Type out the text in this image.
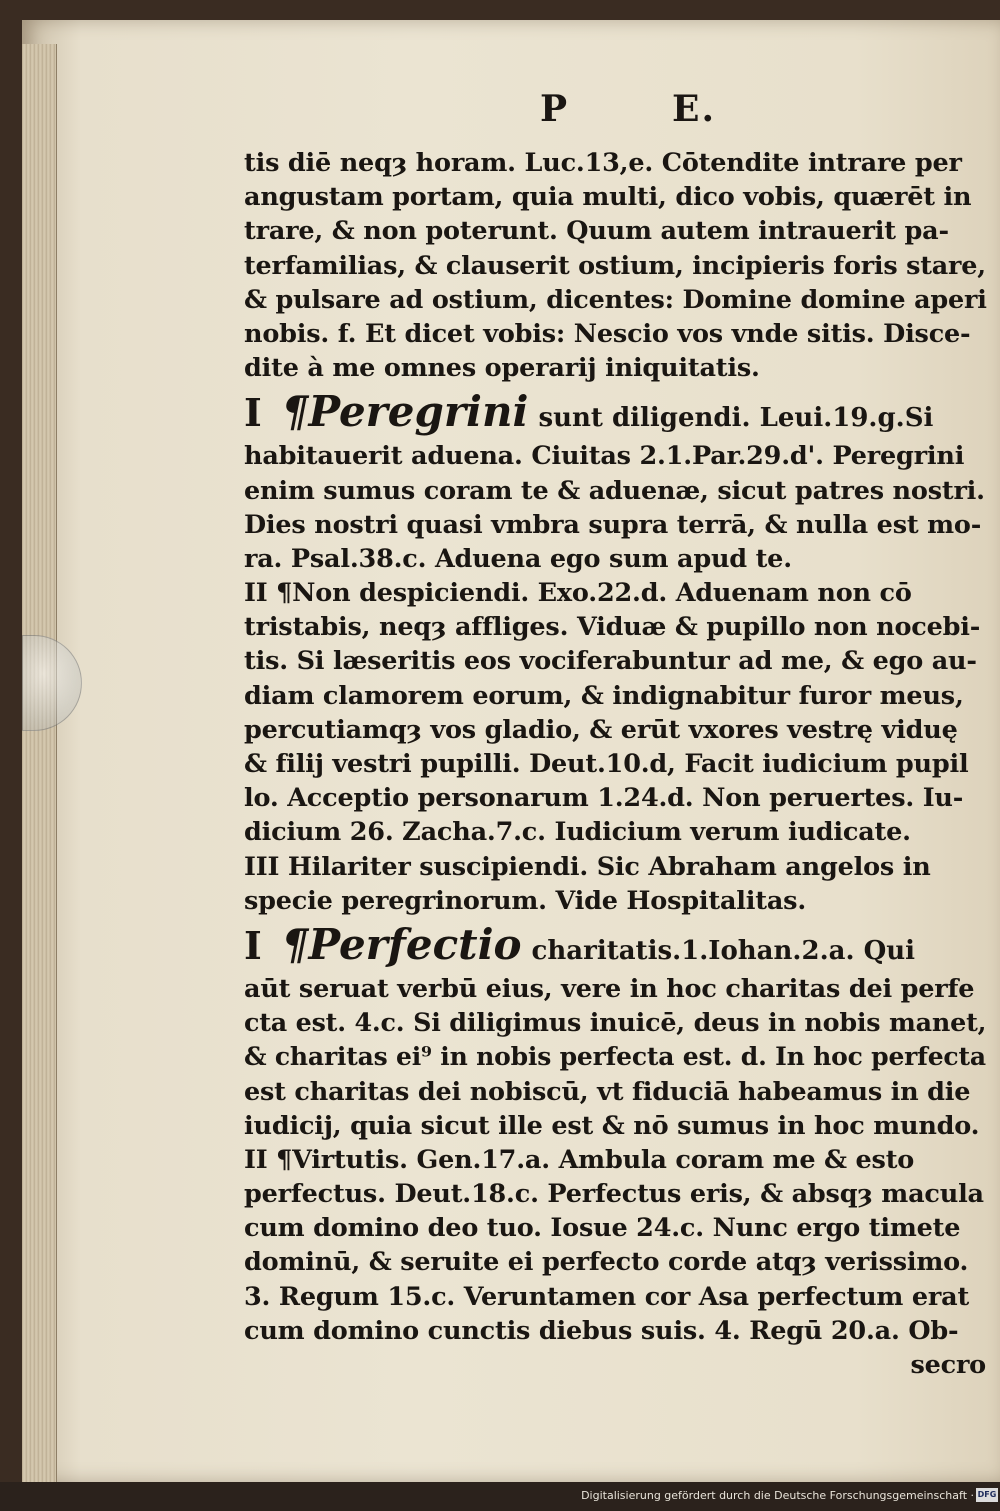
P	E.
tis diē neqȝ horam. Luc.13,e. Cōtendite intrare per
angustam portam, quia multi, dico vobis, quærēt in
trare, & non poterunt. Quum autem intrauerit pa-
terfamilias, & clauserit ostium, incipieris foris stare,
& pulsare ad ostium, dicentes: Domine domine aperi
nobis. f. Et dicet vobis: Nescio vos vnde sitis. Disce-
dite à me omnes operarij iniquitatis.
I ¶Peregrini sunt diligendi. Leui.19.g.Si
habitauerit aduena. Ciuitas 2.1.Par.29.d'. Peregrini
enim sumus coram te & aduenæ, sicut patres nostri.
Dies nostri quasi vmbra supra terrā, & nulla est mo-
ra. Psal.38.c. Aduena ego sum apud te.
II ¶Non despiciendi. Exo.22.d. Aduenam non cō
tristabis, neqȝ affliges. Viduæ & pupillo non nocebi-
tis. Si læseritis eos vociferabuntur ad me, & ego au-
diam clamorem eorum, & indignabitur furor meus,
percutiamqȝ vos gladio, & erūt vxores vestrę viduę
& filij vestri pupilli. Deut.10.d, Facit iudicium pupil
lo. Acceptio personarum 1.24.d. Non peruertes. Iu-
dicium 26. Zacha.7.c. Iudicium verum iudicate.
III Hilariter suscipiendi. Sic Abraham angelos in
specie peregrinorum. Vide Hospitalitas.
I ¶Perfectio charitatis.1.Iohan.2.a. Qui
aūt seruat verbū eius, vere in hoc charitas dei perfe
cta est. 4.c. Si diligimus inuicē, deus in nobis manet,
& charitas ei⁹ in nobis perfecta est. d. In hoc perfecta
est charitas dei nobiscū, vt fiduciā habeamus in die
iudicij, quia sicut ille est & nō sumus in hoc mundo.
II ¶Virtutis. Gen.17.a. Ambula coram me & esto
perfectus. Deut.18.c. Perfectus eris, & absqȝ macula
cum domino deo tuo. Iosue 24.c. Nunc ergo timete
dominū, & seruite ei perfecto corde atqȝ verissimo.
3. Regum 15.c. Veruntamen cor Asa perfectum erat
cum domino cunctis diebus suis. 4. Regū 20.a. Ob-
secro
Digitalisierung gefördert durch die Deutsche Forschungsgemeinschaft · DFG
